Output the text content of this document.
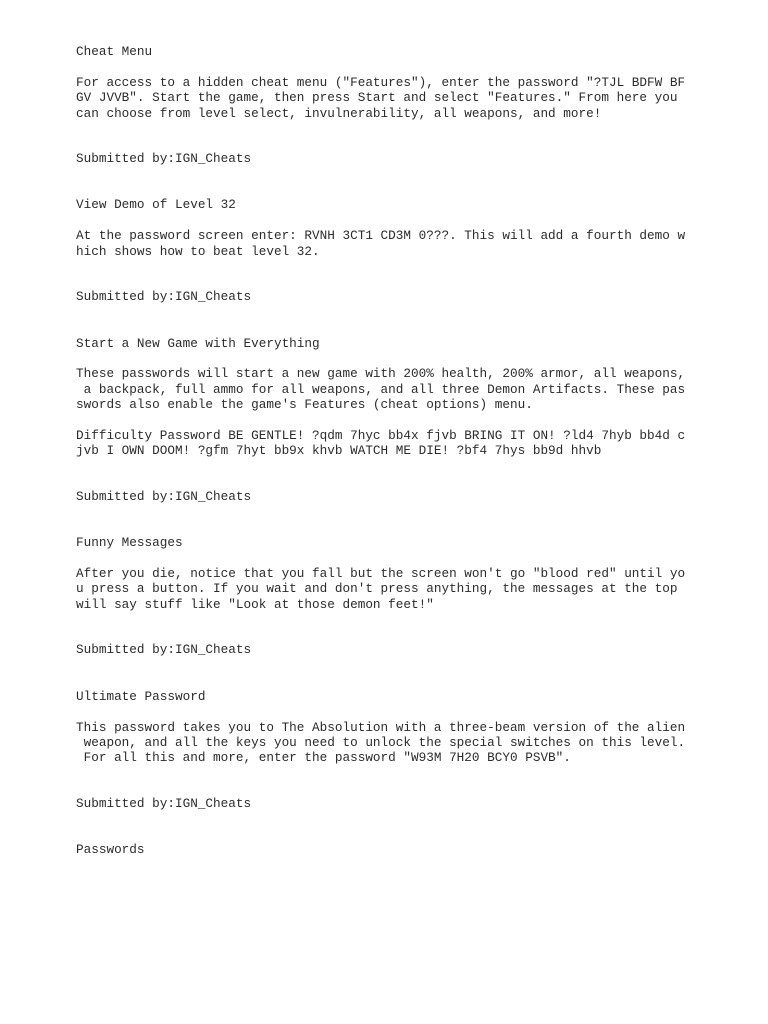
Cheat Menu
For access to a hidden cheat menu ("Features"), enter the password "?TJL BDFW BF
GV JVVB". Start the game, then press Start and select "Features." From here you
can choose from level select, invulnerability, all weapons, and more!
Submitted by:IGN_Cheats
View Demo of Level 32
At the password screen enter: RVNH 3CT1 CD3M 0???. This will add a fourth demo w
hich shows how to beat level 32.
Submitted by:IGN_Cheats
Start a New Game with Everything
These passwords will start a new game with 200% health, 200% armor, all weapons,
a backpack, full ammo for all weapons, and all three Demon Artifacts. These pas
swords also enable the game's Features (cheat options) menu.
Difficulty Password BE GENTLE! ?qdm 7hyc bb4x fjvb BRING IT ON! ?ld4 7hyb bb4d c
jvb I OWN DOOM! ?gfm 7hyt bb9x khvb WATCH ME DIE! ?bf4 7hys bb9d hhvb
Submitted by:IGN_Cheats
Funny Messages
After you die, notice that you fall but the screen won't go "blood red" until yo
u press a button. If you wait and don't press anything, the messages at the top
will say stuff like "Look at those demon feet!"
Submitted by:IGN_Cheats
Ultimate Password
This password takes you to The Absolution with a three-beam version of the alien
weapon, and all the keys you need to unlock the special switches on this level.
For all this and more, enter the password "W93M 7H20 BCY0 PSVB".
Submitted by:IGN_Cheats
Passwords
